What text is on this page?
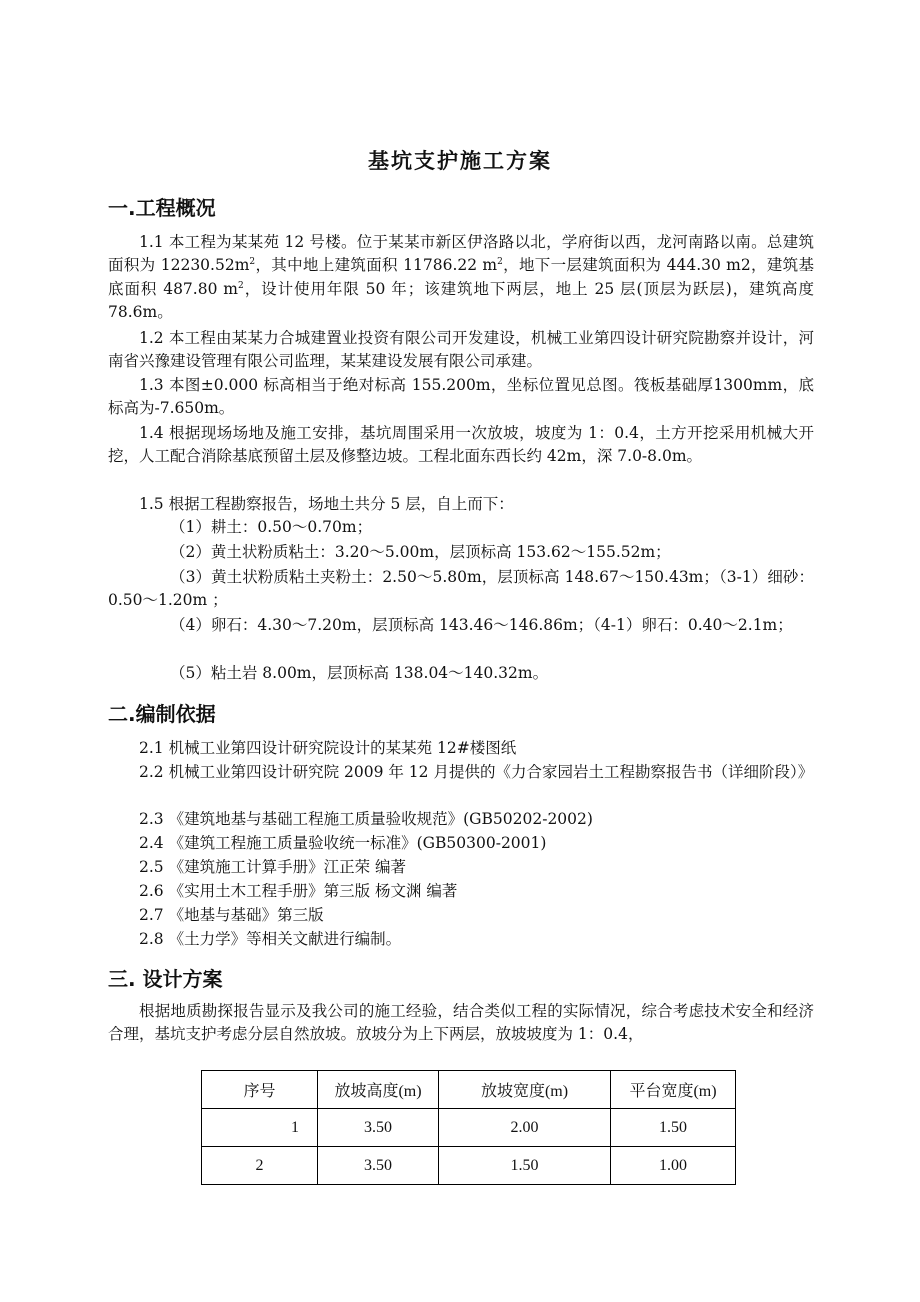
基坑支护施工方案
一.工程概况

1.1 本工程为某某苑 12 号楼。位于某某市新区伊洛路以北，学府街以西，龙河南路以南。总建筑面积为 $12230.52m^2$，其中地上建筑面积 11786.22 $m^2$，地下一层建筑面积为 444.30 m2，建筑基底面积 487.80 $m^2$，设计使用年限 50 年；该建筑地下两层，地上 25 层(顶层为跃层)，建筑高度 78.6m。

1.2 本工程由某某力合城建置业投资有限公司开发建设，机械工业第四设计研究院勘察并设计，河南省兴豫建设管理有限公司监理，某某建设发展有限公司承建。

1.3 本图±0.000 标高相当于绝对标高 155.200m，坐标位置见总图。筏板基础厚1300mm，底标高为-7.650m。

1.4 根据现场场地及施工安排，基坑周围采用一次放坡，坡度为 1：0.4，土方开挖采用机械大开挖，人工配合消除基底预留土层及修整边坡。工程北面东西长约 42m，深 7.0-8.0m。

1.5 根据工程勘察报告，场地土共分 5 层，自上而下：

（1）耕土：0.50～0.70m；

（2）黄土状粉质粘土：3.20～5.00m，层顶标高 153.62～155.52m；

（3）黄土状粉质粘土夹粉土：2.50～5.80m，层顶标高 148.67～150.43m；（3-1）细砂：0.50～1.20m ；

（4）卵石：4.30～7.20m，层顶标高 143.46～146.86m；（4-1）卵石：0.40～2.1m；

（5）粘土岩 8.00m，层顶标高 138.04～140.32m。

二.编制依据

2.1 机械工业第四设计研究院设计的某某苑 12#楼图纸

2.2 机械工业第四设计研究院 2009 年 12 月提供的《力合家园岩土工程勘察报告书（详细阶段）》

2.3 《建筑地基与基础工程施工质量验收规范》(GB50202-2002)

2.4 《建筑工程施工质量验收统一标准》(GB50300-2001)

2.5 《建筑施工计算手册》江正荣 编著

2.6 《实用土木工程手册》第三版 杨文渊 编著

2.7 《地基与基础》第三版

2.8 《土力学》等相关文献进行编制。

三. 设计方案

根据地质勘探报告显示及我公司的施工经验，结合类似工程的实际情况，综合考虑技术安全和经济合理，基坑支护考虑分层自然放坡。放坡分为上下两层，放坡坡度为 1：0.4，

序号	放坡高度(m)	放坡宽度(m)	平台宽度(m)
1	3.50	2.00	1.50
2	3.50	1.50	1.00
